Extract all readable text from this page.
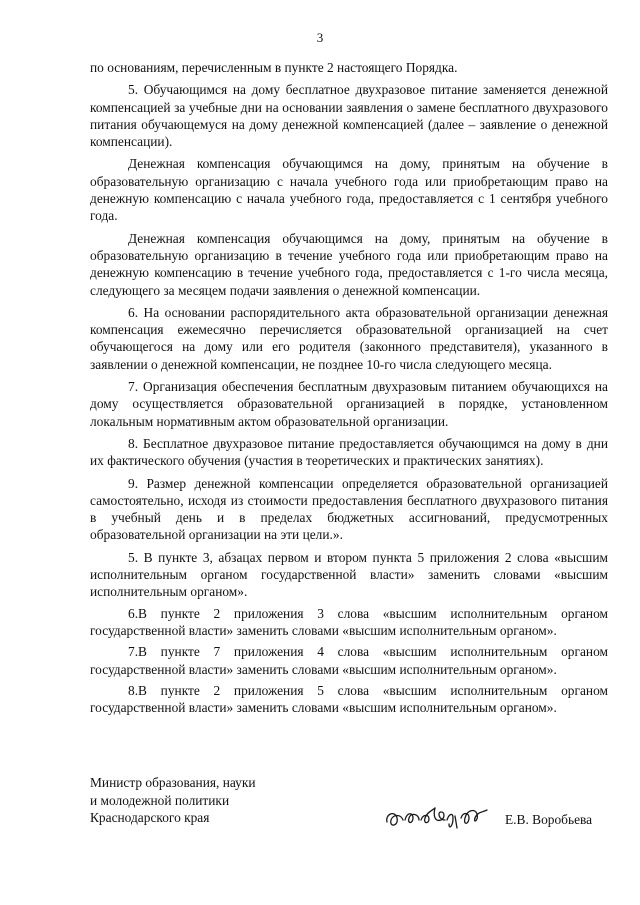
3

по основаниям, перечисленным в пункте 2 настоящего Порядка.

5. Обучающимся на дому бесплатное двухразовое питание заменяется денежной компенсацией за учебные дни на основании заявления о замене бесплатного двухразового питания обучающемуся на дому денежной компенсацией (далее – заявление о денежной компенсации).

Денежная компенсация обучающимся на дому, принятым на обучение в образовательную организацию с начала учебного года или приобретающим право на денежную компенсацию с начала учебного года, предоставляется с 1 сентября учебного года.

Денежная компенсация обучающимся на дому, принятым на обучение в образовательную организацию в течение учебного года или приобретающим право на денежную компенсацию в течение учебного года, предоставляется с 1-го числа месяца, следующего за месяцем подачи заявления о денежной компенсации.

6. На основании распорядительного акта образовательной организации денежная компенсация ежемесячно перечисляется образовательной организацией на счет обучающегося на дому или его родителя (законного представителя), указанного в заявлении о денежной компенсации, не позднее 10-го числа следующего месяца.

7. Организация обеспечения бесплатным двухразовым питанием обучающихся на дому осуществляется образовательной организацией в порядке, установленном локальным нормативным актом образовательной организации.

8. Бесплатное двухразовое питание предоставляется обучающимся на дому в дни их фактического обучения (участия в теоретических и практических занятиях).

9. Размер денежной компенсации определяется образовательной организацией самостоятельно, исходя из стоимости предоставления бесплатного двухразового питания в учебный день и в пределах бюджетных ассигнований, предусмотренных образовательной организации на эти цели.».

5. В пункте 3, абзацах первом и втором пункта 5 приложения 2 слова «высшим исполнительным органом государственной власти» заменить словами «высшим исполнительным органом».

6.В пункте 2 приложения 3 слова «высшим исполнительным органом государственной власти» заменить словами «высшим исполнительным органом».

7.В пункте 7 приложения 4 слова «высшим исполнительным органом государственной власти» заменить словами «высшим исполнительным органом».

8.В пункте 2 приложения 5 слова «высшим исполнительным органом государственной власти» заменить словами «высшим исполнительным органом».

Министр образования, науки
и молодежной политики
Краснодарского края	Е.В. Воробьева
